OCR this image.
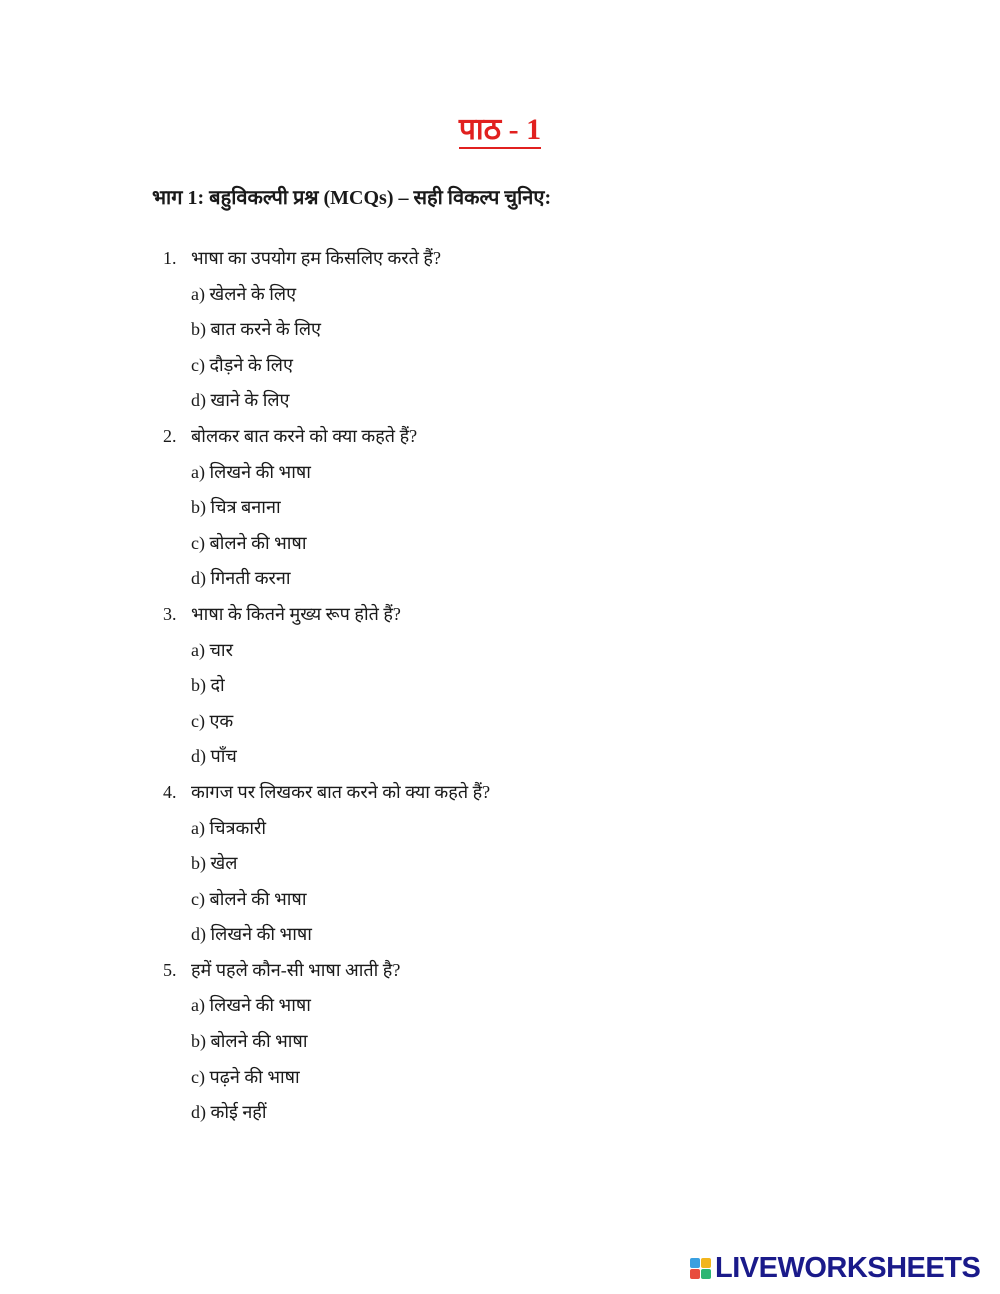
पाठ - 1
भाग 1: बहुविकल्पी प्रश्न (MCQs) – सही विकल्प चुनिए:
1. भाषा का उपयोग हम किसलिए करते हैं?
a) खेलने के लिए
b) बात करने के लिए
c) दौड़ने के लिए
d) खाने के लिए
2. बोलकर बात करने को क्या कहते हैं?
a) लिखने की भाषा
b) चित्र बनाना
c) बोलने की भाषा
d) गिनती करना
3. भाषा के कितने मुख्य रूप होते हैं?
a) चार
b) दो
c) एक
d) पाँच
4. कागज पर लिखकर बात करने को क्या कहते हैं?
a) चित्रकारी
b) खेल
c) बोलने की भाषा
d) लिखने की भाषा
5. हमें पहले कौन-सी भाषा आती है?
a) लिखने की भाषा
b) बोलने की भाषा
c) पढ़ने की भाषा
d) कोई नहीं
LIVEWORKSHEETS
